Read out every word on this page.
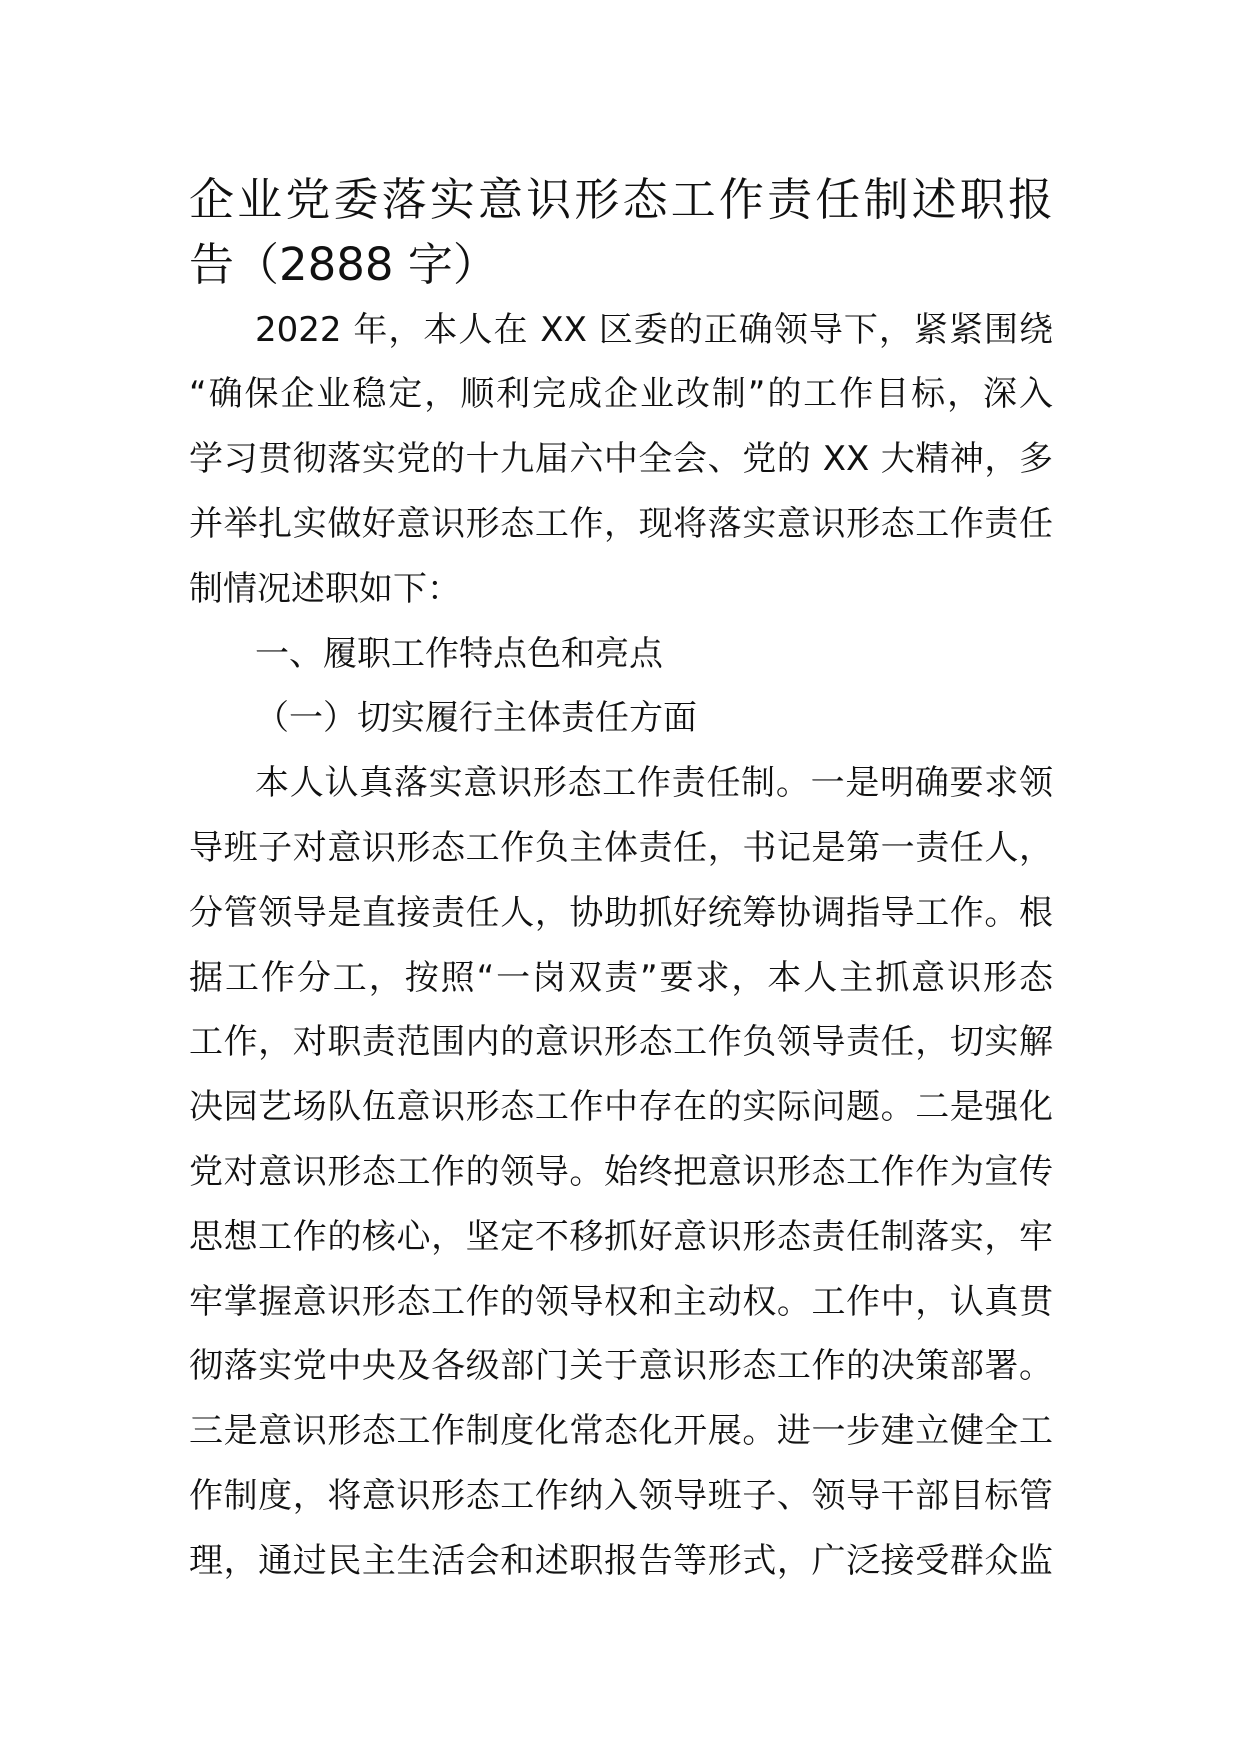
企业党委落实意识形态工作责任制述职报
告（2888 字）
2022 年，本人在 XX 区委的正确领导下，紧紧围绕
“确保企业稳定，顺利完成企业改制”的工作目标，深入
学习贯彻落实党的十九届六中全会、党的 XX 大精神，多
并举扎实做好意识形态工作，现将落实意识形态工作责任
制情况述职如下：
一、履职工作特点色和亮点
（一）切实履行主体责任方面
本人认真落实意识形态工作责任制。一是明确要求领
导班子对意识形态工作负主体责任，书记是第一责任人，
分管领导是直接责任人，协助抓好统筹协调指导工作。根
据工作分工，按照“一岗双责”要求，本人主抓意识形态
工作，对职责范围内的意识形态工作负领导责任，切实解
决园艺场队伍意识形态工作中存在的实际问题。二是强化
党对意识形态工作的领导。始终把意识形态工作作为宣传
思想工作的核心，坚定不移抓好意识形态责任制落实，牢
牢掌握意识形态工作的领导权和主动权。工作中，认真贯
彻落实党中央及各级部门关于意识形态工作的决策部署。
三是意识形态工作制度化常态化开展。进一步建立健全工
作制度，将意识形态工作纳入领导班子、领导干部目标管
理，通过民主生活会和述职报告等形式，广泛接受群众监
